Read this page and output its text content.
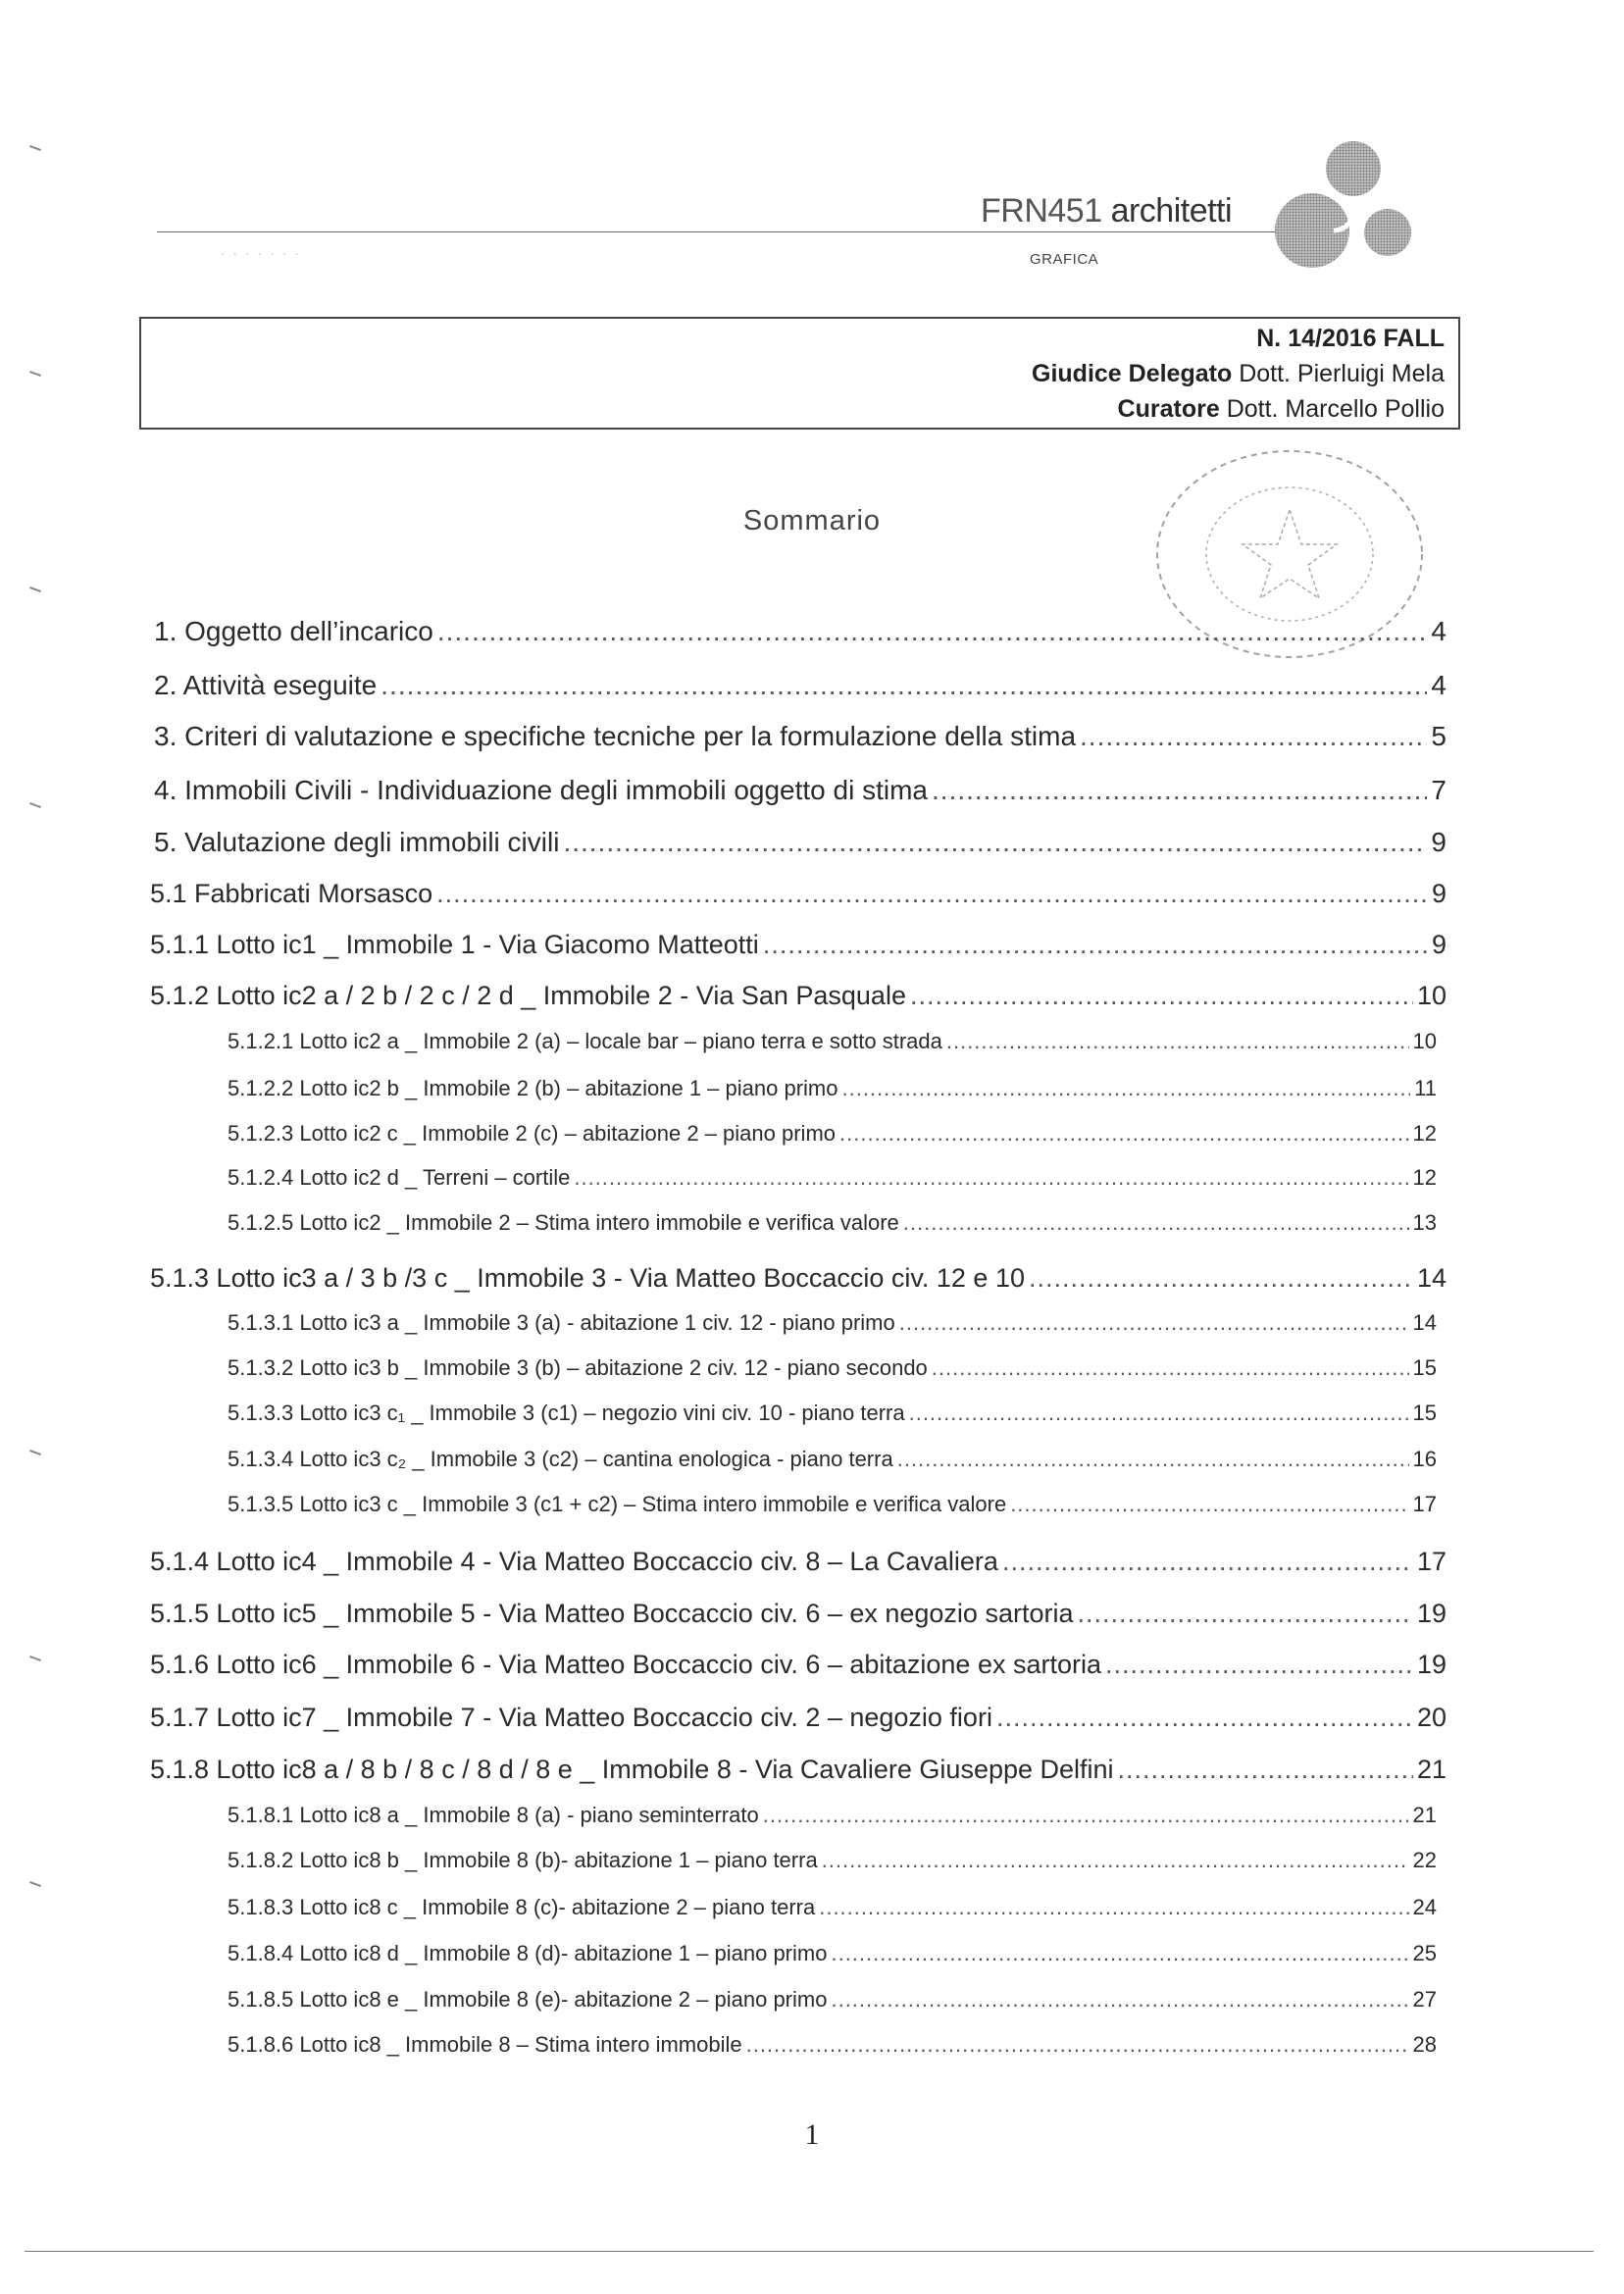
FRN451 architetti
GRAFICA
· · · · · · ·
N. 14/2016 FALL
Giudice Delegato Dott. Pierluigi Mela
Curatore Dott. Marcello Pollio
Sommario
1. Oggetto dell’incarico .....	4
2. Attività eseguite .....	4
3. Criteri di valutazione e specifiche tecniche per la formulazione della stima .....	5
4. Immobili Civili - Individuazione degli immobili oggetto di stima .....	7
5. Valutazione degli immobili civili .....	9
5.1 Fabbricati Morsasco .....	9
5.1.1 Lotto ic1 _ Immobile 1 - Via Giacomo Matteotti .....	9
5.1.2 Lotto ic2 a / 2 b / 2 c / 2 d _ Immobile 2 - Via San Pasquale .....	10
5.1.2.1 Lotto ic2 a _ Immobile 2 (a) – locale bar – piano terra e sotto strada .....	10
5.1.2.2 Lotto ic2 b _ Immobile 2 (b) – abitazione 1 – piano primo .....	11
5.1.2.3 Lotto ic2 c _ Immobile 2 (c) – abitazione 2 – piano primo .....	12
5.1.2.4 Lotto ic2 d _ Terreni – cortile .....	12
5.1.2.5 Lotto ic2 _ Immobile 2 – Stima intero immobile e verifica valore .....	13
5.1.3 Lotto ic3 a / 3 b /3 c _ Immobile 3 - Via Matteo Boccaccio civ. 12 e 10 .....	14
5.1.3.1 Lotto ic3 a _ Immobile 3 (a) - abitazione 1 civ. 12 - piano primo .....	14
5.1.3.2 Lotto ic3 b _ Immobile 3 (b) – abitazione 2 civ. 12 - piano secondo .....	15
5.1.3.3 Lotto ic3 c₁ _ Immobile 3 (c1) – negozio vini civ. 10 - piano terra .....	15
5.1.3.4 Lotto ic3 c₂ _ Immobile 3 (c2) – cantina enologica - piano terra .....	16
5.1.3.5 Lotto ic3 c _ Immobile 3 (c1 + c2) – Stima intero immobile e verifica valore .....	17
5.1.4 Lotto ic4 _ Immobile 4 - Via Matteo Boccaccio civ. 8 – La Cavaliera .....	17
5.1.5 Lotto ic5 _ Immobile 5 - Via Matteo Boccaccio civ. 6 – ex negozio sartoria .....	19
5.1.6 Lotto ic6 _ Immobile 6 - Via Matteo Boccaccio civ. 6 – abitazione ex sartoria .....	19
5.1.7 Lotto ic7 _ Immobile 7 - Via Matteo Boccaccio civ. 2 – negozio fiori .....	20
5.1.8 Lotto ic8 a / 8 b / 8 c / 8 d / 8 e _ Immobile 8 - Via Cavaliere Giuseppe Delfini .....	21
5.1.8.1 Lotto ic8 a _ Immobile 8 (a) - piano seminterrato .....	21
5.1.8.2 Lotto ic8 b _ Immobile 8 (b)- abitazione 1 – piano terra .....	22
5.1.8.3 Lotto ic8 c _ Immobile 8 (c)- abitazione 2 – piano terra .....	24
5.1.8.4 Lotto ic8 d _ Immobile 8 (d)- abitazione 1 – piano primo .....	25
5.1.8.5 Lotto ic8 e _ Immobile 8 (e)- abitazione 2 – piano primo .....	27
5.1.8.6 Lotto ic8 _ Immobile 8 – Stima intero immobile .....	28
1
